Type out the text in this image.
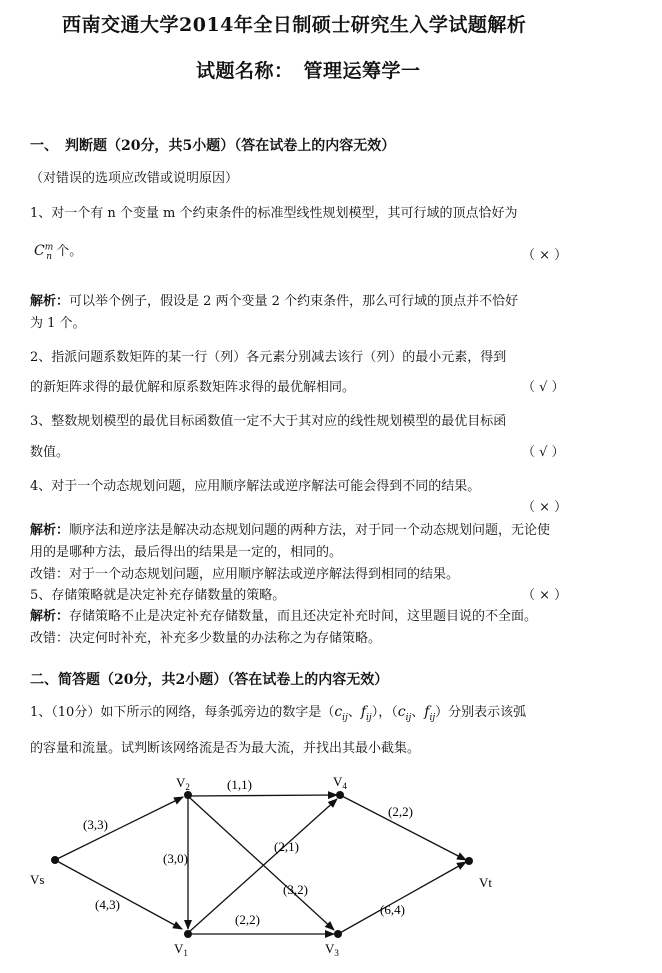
西南交通大学2014年全日制硕士研究生入学试题解析
试题名称：　管理运筹学一
一、　判断题（20分，共5小题）（答在试卷上的内容无效）
（对错误的选项应改错或说明原因）
1、对一个有 n 个变量 m 个约束条件的标准型线性规划模型，其可行域的顶点恰好为
$C^m_n$ 个。	（ × ）
解析：可以举个例子，假设是 2 两个变量 2 个约束条件，那么可行域的顶点并不恰好
为 1 个。
2、指派问题系数矩阵的某一行（列）各元素分别减去该行（列）的最小元素，得到
的新矩阵求得的最优解和原系数矩阵求得的最优解相同。	（ √ ）
3、整数规划模型的最优目标函数值一定不大于其对应的线性规划模型的最优目标函
数值。	（ √ ）
4、对于一个动态规划问题，应用顺序解法或逆序解法可能会得到不同的结果。
（ × ）
解析：顺序法和逆序法是解决动态规划问题的两种方法，对于同一个动态规划问题，无论使
用的是哪种方法，最后得出的结果是一定的，相同的。
改错：对于一个动态规划问题，应用顺序解法或逆序解法得到相同的结果。
5、存储策略就是决定补充存储数量的策略。	（ × ）
解析：存储策略不止是决定补充存储数量，而且还决定补充时间，这里题目说的不全面。
改错：决定何时补充，补充多少数量的办法称之为存储策略。
二、简答题（20分，共2小题）（答在试卷上的内容无效）
1、（10分）如下所示的网络，每条弧旁边的数字是（$c_{ij}$、$f_{ij}$），（$c_{ij}$、$f_{ij}$）分别表示该弧
的容量和流量。试判断该网络流是否为最大流，并找出其最小截集。
Vs
$V_2$
$V_1$
$V_4$
$V_3$
Vt
(3,3)
(4,3)
(1,1)
(3,0)
(2,1)
(3,2)
(2,2)
(2,2)
(6,4)
